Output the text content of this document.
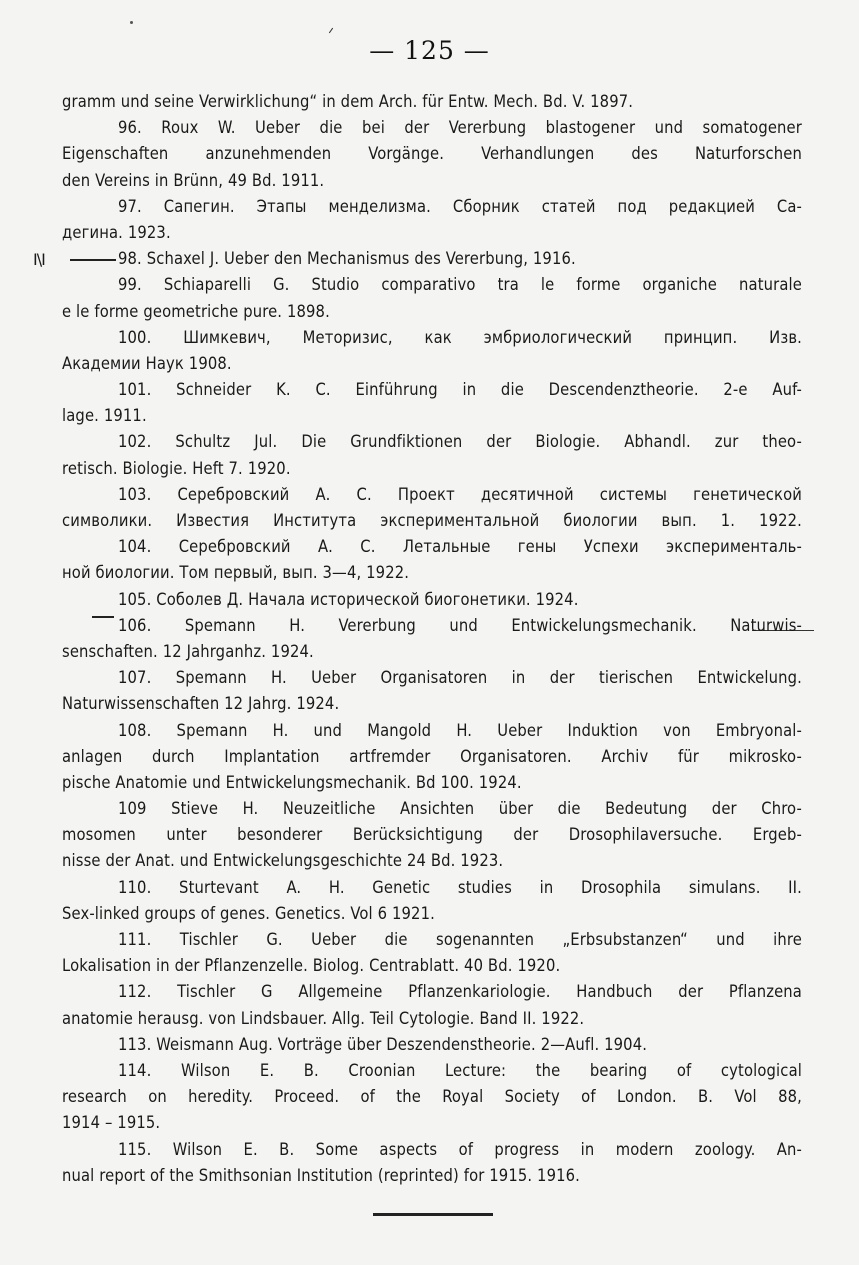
— 125 —
I\I
gramm und seine Verwirklichung“ in dem Arch. für Entw. Mech. Bd. V. 1897.
96. Roux W. Ueber die bei der Vererbung blastogener und somatogener
Eigenschaften anzunehmenden Vorgänge. Verhandlungen des Naturforschen
den Vereins in Brünn, 49 Bd. 1911.
97. Сапегин. Этапы менделизма. Сборник статей под редакцией Са-
дегина. 1923.
98. Schaxel J. Ueber den Mechanismus des Vererbung, 1916.
99. Schiaparelli G. Studio comparativo tra le forme organiche naturale
e le forme geometriche pure. 1898.
100. Шимкевич, Меторизис, как эмбриологический принцип. Изв.
Академии Наук 1908.
101. Schneider K. C. Einführung in die Descendenztheorie. 2-е Auf-
lage. 1911.
102. Schultz Jul. Die Grundfiktionen der Biologie. Abhandl. zur theo-
retisch. Biologie. Heft 7. 1920.
103. Серебровский А. С. Проект десятичной системы генетической
символики. Известия Института экспериментальной биологии вып. 1. 1922.
104. Серебровский А. С. Летальные гены Успехи эксперименталь-
ной биологии. Том первый, вып. 3—4, 1922.
105. Соболев Д. Начала исторической биогонетики. 1924.
106. Spemann H. Vererbung und Entwickelungsmechanik. Naturwis-
senschaften. 12 Jahrganhz. 1924.
107. Spemann H. Ueber Organisatoren in der tierischen Entwickelung.
Naturwissenschaften 12 Jahrg. 1924.
108. Spemann H. und Mangold H. Ueber Induktion von Embryonal-
anlagen durch Implantation artfremder Organisatoren. Archiv für mikrosko-
pische Anatomie und Entwickelungsmechanik. Bd 100. 1924.
109 Stieve H. Neuzeitliche Ansichten über die Bedeutung der Chro-
mosomen unter besonderer Berücksichtigung der Drosophilaversuche. Ergeb-
nisse der Anat. und Entwickelungsgeschichte 24 Bd. 1923.
110. Sturtevant A. H. Genetic studies in Drosophila simulans. II.
Sex-linked groups of genes. Genetics. Vol 6 1921.
111. Tischler G. Ueber die sogenannten „Erbsubstanzen“ und ihre
Lokalisation in der Pflanzenzelle. Biolog. Centrablatt. 40 Bd. 1920.
112. Tischler G Allgemeine Pflanzenkariologie. Handbuch der Pflanzena
anatomie herausg. von Lindsbauer. Allg. Teil Cytologie. Band II. 1922.
113. Weismann Aug. Vorträge über Deszendenstheorie. 2—Aufl. 1904.
114. Wilson E. B. Croonian Lecture: the bearing of cytological
research on heredity. Proceed. of the Royal Society of London. B. Vol 88,
1914 – 1915.
115. Wilson E. B. Some aspects of progress in modern zoology. An-
nual report of the Smithsonian Institution (reprinted) for 1915. 1916.
